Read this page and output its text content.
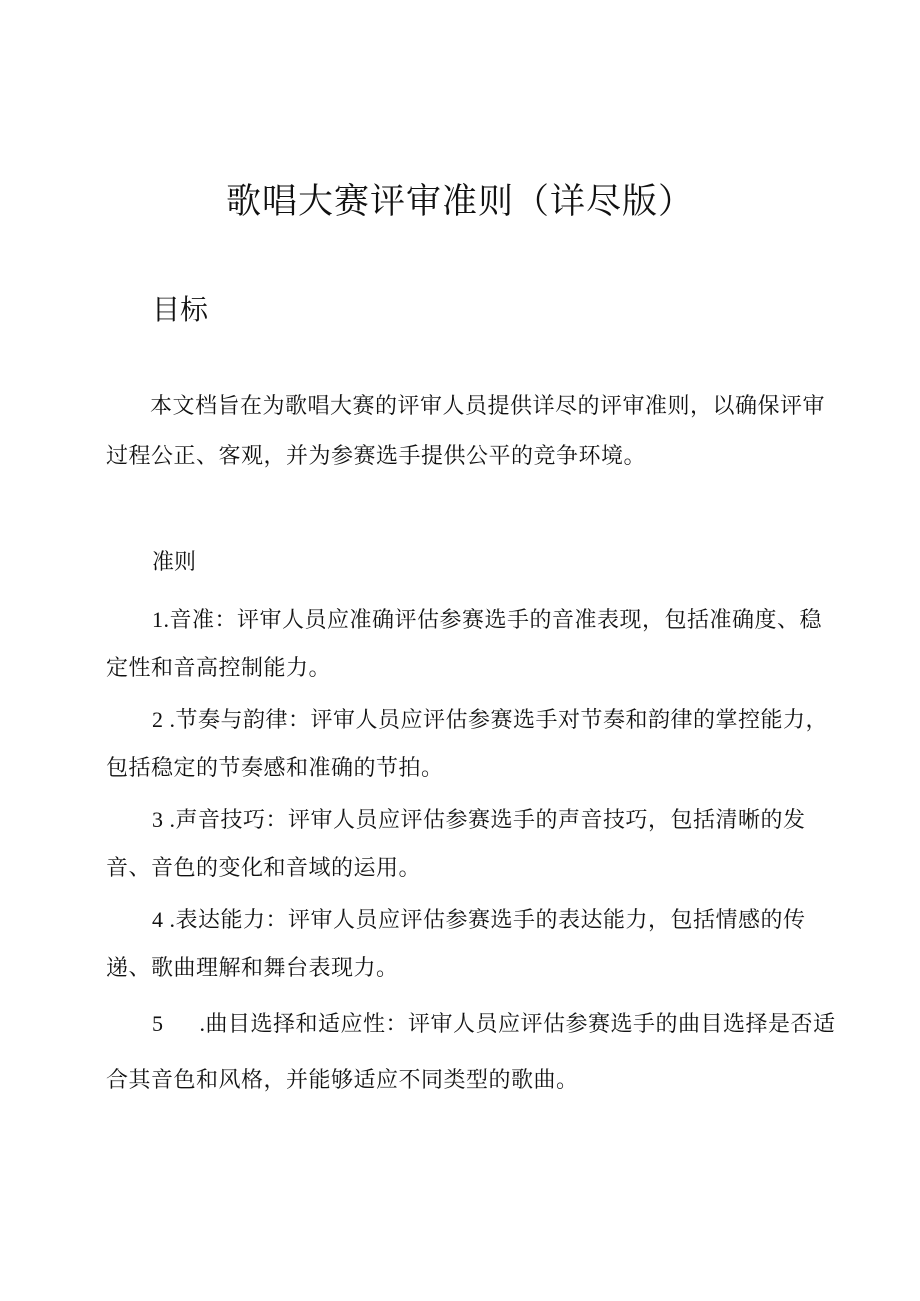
歌唱大赛评审准则（详尽版）
目标

本文档旨在为歌唱大赛的评审人员提供详尽的评审准则，以确保评审过程公正、客观，并为参赛选手提供公平的竞争环境。

准则
1.音准：评审人员应准确评估参赛选手的音准表现，包括准确度、稳定性和音高控制能力。
2 .节奏与韵律：评审人员应评估参赛选手对节奏和韵律的掌控能力，包括稳定的节奏感和准确的节拍。
3 .声音技巧：评审人员应评估参赛选手的声音技巧，包括清晰的发音、音色的变化和音域的运用。
4 .表达能力：评审人员应评估参赛选手的表达能力，包括情感的传递、歌曲理解和舞台表现力。
5      .曲目选择和适应性：评审人员应评估参赛选手的曲目选择是否适合其音色和风格，并能够适应不同类型的歌曲。
